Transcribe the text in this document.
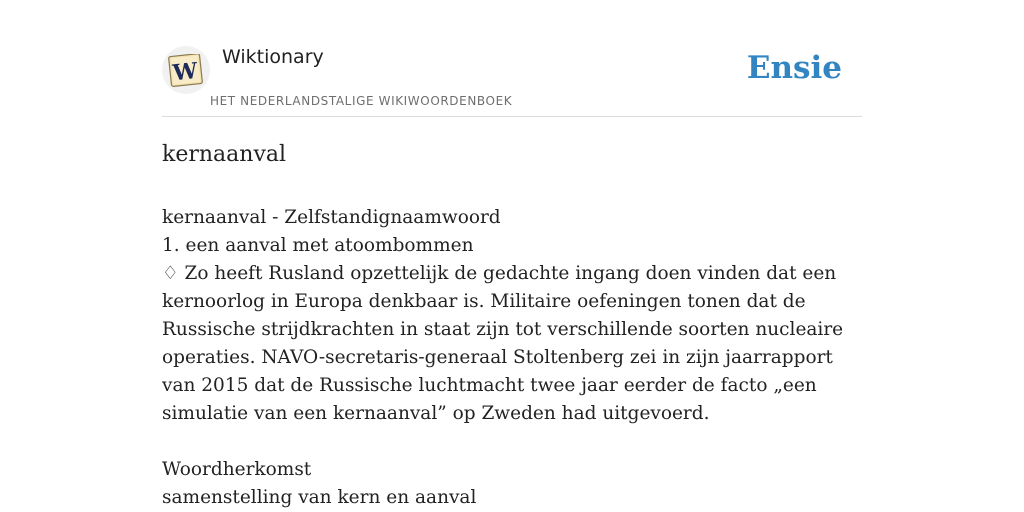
W
Wiktionary
HET NEDERLANDSTALIGE WIKIWOORDENBOEK
Ensie
kernaanval

kernaanval - Zelfstandignaamwoord

1. een aanval met atoombommen

♢ Zo heeft Rusland opzettelijk de gedachte ingang doen vinden dat een kernoorlog in Europa denkbaar is. Militaire oefeningen tonen dat de Russische strijdkrachten in staat zijn tot verschillende soorten nucleaire operaties. NAVO-secretaris-generaal Stoltenberg zei in zijn jaarrapport van 2015 dat de Russische luchtmacht twee jaar eerder de facto „een simulatie van een kernaanval” op Zweden had uitgevoerd.

Woordherkomst

samenstelling van kern en aanval
